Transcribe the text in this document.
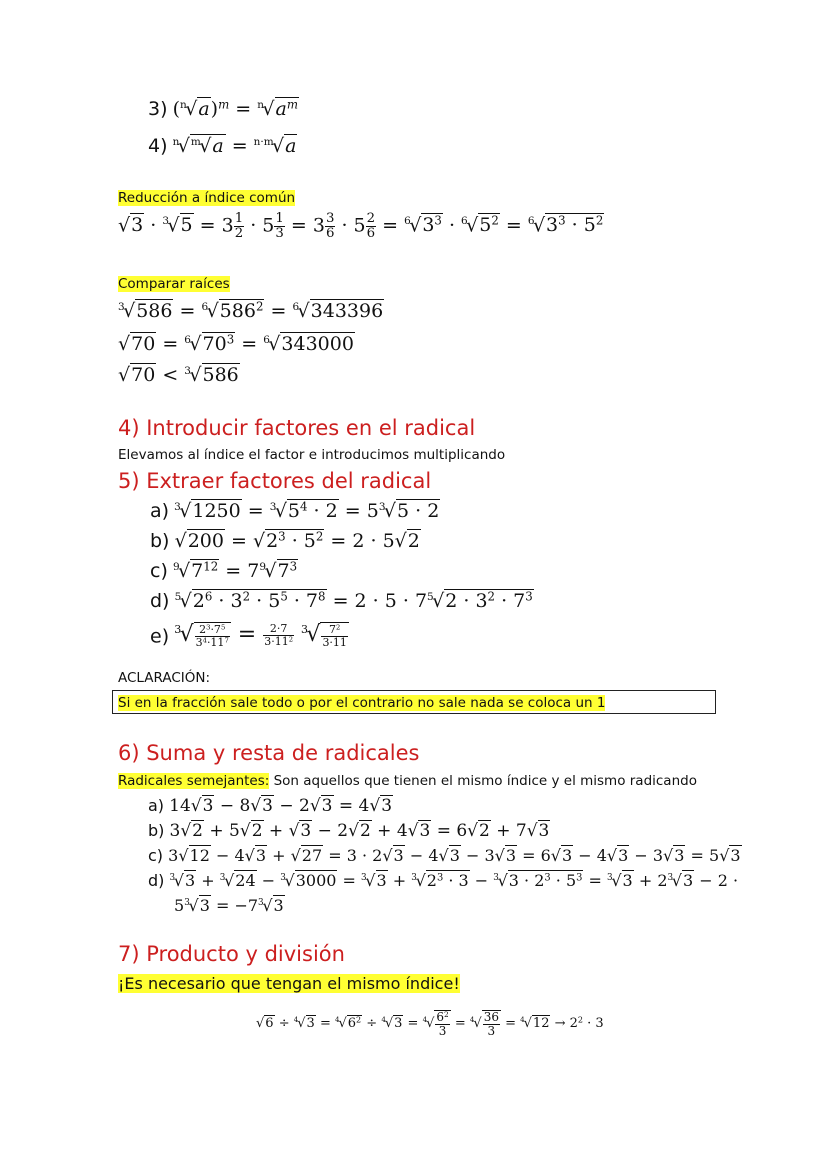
3) $(^n√a)^m = ^n√a^m$
4) $^n$√$^m$√a = $^{n\cdot m}$√a
Reducción a índice común
$√3 \cdot ^3√5 = 3 \frac{1}{2} \cdot 5 \frac{1}{3} = 3 \frac{3}{6} \cdot 5 \frac{2}{6} = ^6√3^3 \cdot ^6√5^2 = ^6√3^3 \cdot 5^2$
Comparar raíces
$^3√586 = ^6√586^2 = ^6√343396$
$√70 = ^6√70^3 = ^6√343000$
√70 < $^3$√586
4) Introducir factores en el radical
Elevamos al índice el factor e introducimos multiplicando
5) Extraer factores del radical
a) $^3√1250 = ^3√5^4 \cdot 2 = 5^3√5 \cdot 2$
b) $√200 = √2^3 \cdot 5^2 = 2 \cdot 5√2$
c) $^9√7^{12} = 7^9√7^3$
d) $^5√2^6 \cdot 3^2 \cdot 5^5 \cdot 7^8 = 2 \cdot 5 \cdot 7^5√2 \cdot 3^2 \cdot 7^3$
e) $^3√ \frac{2^3\cdot 7^5}{3^4\cdot 11^7} = \frac{2\cdot 7}{3\cdot 11^2} ^3√ \frac{7^2}{3\cdot 11}$
ACLARACIÓN:
Si en la fracción sale todo o por el contrario no sale nada se coloca un 1
6) Suma y resta de radicales
Radicales semejantes: Son aquellos que tienen el mismo índice y el mismo radicando
a) 14√3 − 8√3 − 2√3 = 4√3
b) 3√2 + 5√2 + √3 − 2√2 + 4√3 = 6√2 + 7√3
c) 3√12 − 4√3 + √27 = 3 · 2√3 − 4√3 − 3√3 = 6√3 − 4√3 − 3√3 = 5√3
d) $^3√3 + ^3√24 - ^3√3000 = ^3√3 + ^3√2^3 \cdot 3 - ^3√3 \cdot 2^3 \cdot 5^3 = ^3√3 + 2^3√3 - 2$ ·
$5^3√3 = -7^3√3$
7) Producto y división
¡Es necesario que tengan el mismo índice!
$√6 \div ^4√3 = ^4√6^2 \div ^4√3 = ^4√ \frac{6^2}{3} = ^4√ \frac{36}{3} = ^4√12 \to 2^2 \cdot 3$
